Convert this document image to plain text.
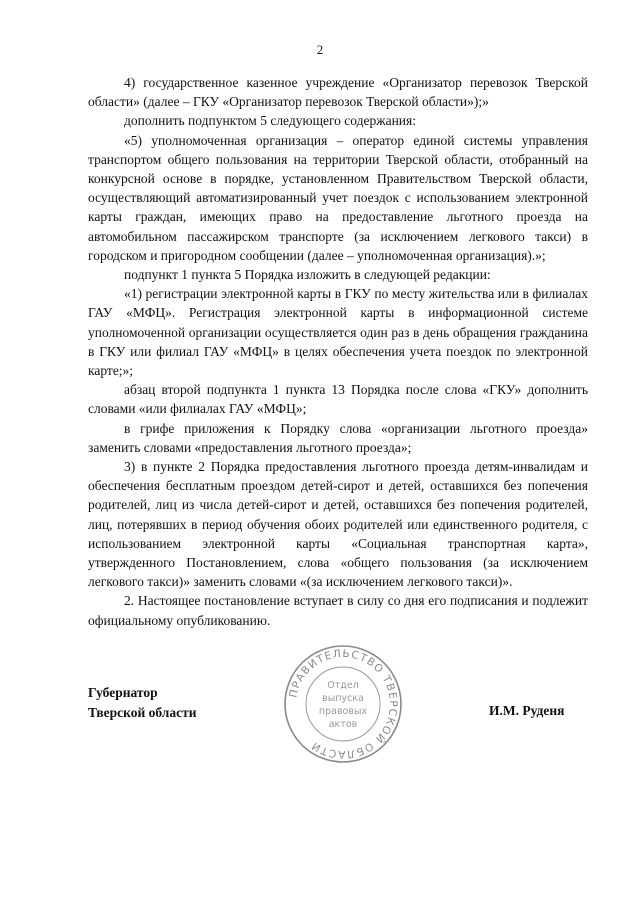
2

4) государственное казенное учреждение «Организатор перевозок Тверской области» (далее – ГКУ «Организатор перевозок Тверской области»);»

дополнить подпунктом 5 следующего содержания:

«5) уполномоченная организация – оператор единой системы управления транспортом общего пользования на территории Тверской области, отобранный на конкурсной основе в порядке, установленном Правительством Тверской области, осуществляющий автоматизированный учет поездок с использованием электронной карты граждан, имеющих право на предоставление льготного проезда на автомобильном пассажирском транспорте (за исключением легкового такси) в городском и пригородном сообщении (далее – уполномоченная организация).»;

подпункт 1 пункта 5 Порядка изложить в следующей редакции:

«1) регистрации электронной карты в ГКУ по месту жительства или в филиалах ГАУ «МФЦ». Регистрация электронной карты в информационной системе уполномоченной организации осуществляется один раз в день обращения гражданина в ГКУ или филиал ГАУ «МФЦ» в целях обеспечения учета поездок по электронной карте;»;

абзац второй подпункта 1 пункта 13 Порядка после слова «ГКУ» дополнить словами «или филиалах ГАУ «МФЦ»;

в грифе приложения к Порядку слова «организации льготного проезда» заменить словами «предоставления льготного проезда»;

3) в пункте 2 Порядка предоставления льготного проезда детям-инвалидам и обеспечения бесплатным проездом детей-сирот и детей, оставшихся без попечения родителей, лиц из числа детей-сирот и детей, оставшихся без попечения родителей, лиц, потерявших в период обучения обоих родителей или единственного родителя, с использованием электронной карты «Социальная транспортная карта», утвержденного Постановлением, слова «общего пользования (за исключением легкового такси)» заменить словами «(за исключением легкового такси)».

2. Настоящее постановление вступает в силу со дня его подписания и подлежит официальному опубликованию.

Губернатор
Тверской области	И.М. Руденя
ПРАВИТЕЛЬСТВО ТВЕРСКОЙ ОБЛАСТИ
Отдел
выпуска
правовых
актов
